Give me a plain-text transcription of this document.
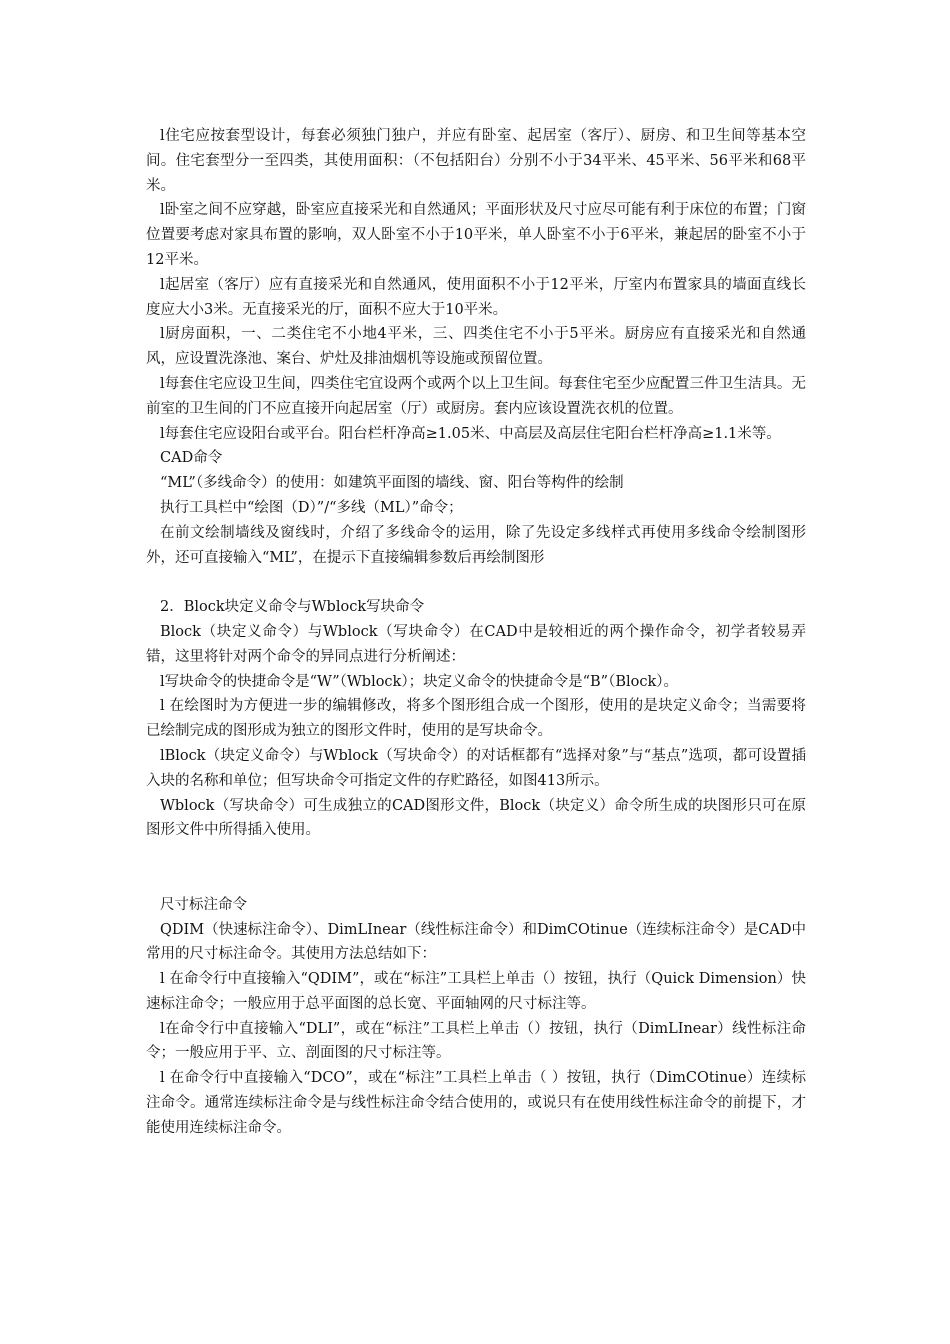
l住宅应按套型设计，每套必须独门独户，并应有卧室、起居室（客厅）、厨房、和卫生间等基本空间。住宅套型分一至四类，其使用面积：（不包括阳台）分别不小于34平米、45平米、56平米和68平米。

l卧室之间不应穿越，卧室应直接采光和自然通风；平面形状及尺寸应尽可能有利于床位的布置；门窗位置要考虑对家具布置的影响，双人卧室不小于10平米，单人卧室不小于6平米，兼起居的卧室不小于12平米。

l起居室（客厅）应有直接采光和自然通风，使用面积不小于12平米，厅室内布置家具的墙面直线长度应大小3米。无直接采光的厅，面积不应大于10平米。

l厨房面积，一、二类住宅不小地4平米，三、四类住宅不小于5平米。厨房应有直接采光和自然通风，应设置洗涤池、案台、炉灶及排油烟机等设施或预留位置。

l每套住宅应设卫生间，四类住宅宜设两个或两个以上卫生间。每套住宅至少应配置三件卫生洁具。无前室的卫生间的门不应直接开向起居室（厅）或厨房。套内应该设置洗衣机的位置。

l每套住宅应设阳台或平台。阳台栏杆净高≥1.05米、中高层及高层住宅阳台栏杆净高≥1.1米等。

CAD命令

“ML”（多线命令）的使用：如建筑平面图的墙线、窗、阳台等构件的绘制

执行工具栏中“绘图（D）”/“多线（ML）”命令；

在前文绘制墙线及窗线时，介绍了多线命令的运用，除了先设定多线样式再使用多线命令绘制图形外，还可直接输入“ML”，在提示下直接编辑参数后再绘制图形

2．Block块定义命令与Wblock写块命令

Block（块定义命令）与Wblock（写块命令）在CAD中是较相近的两个操作命令，初学者较易弄错，这里将针对两个命令的异同点进行分析阐述：

l写块命令的快捷命令是“W”（Wblock）；块定义命令的快捷命令是“B”（Block）。

l 在绘图时为方便进一步的编辑修改，将多个图形组合成一个图形，使用的是块定义命令；当需要将已绘制完成的图形成为独立的图形文件时，使用的是写块命令。

lBlock（块定义命令）与Wblock（写块命令）的对话框都有“选择对象”与“基点”选项，都可设置插入块的名称和单位；但写块命令可指定文件的存贮路径，如图413所示。

Wblock（写块命令）可生成独立的CAD图形文件，Block（块定义）命令所生成的块图形只可在原图形文件中所得插入使用。

尺寸标注命令

QDIM（快速标注命令）、DimLInear（线性标注命令）和DimCOtinue（连续标注命令）是CAD中常用的尺寸标注命令。其使用方法总结如下：

l 在命令行中直接输入“QDIM”，或在“标注”工具栏上单击（）按钮，执行（Quick Dimension）快速标注命令；一般应用于总平面图的总长宽、平面轴网的尺寸标注等。

l在命令行中直接输入“DLI”，或在“标注”工具栏上单击（）按钮，执行（DimLInear）线性标注命令；一般应用于平、立、剖面图的尺寸标注等。

l 在命令行中直接输入“DCO”，或在“标注”工具栏上单击（ ）按钮，执行（DimCOtinue）连续标注命令。通常连续标注命令是与线性标注命令结合使用的，或说只有在使用线性标注命令的前提下，才能使用连续标注命令。
